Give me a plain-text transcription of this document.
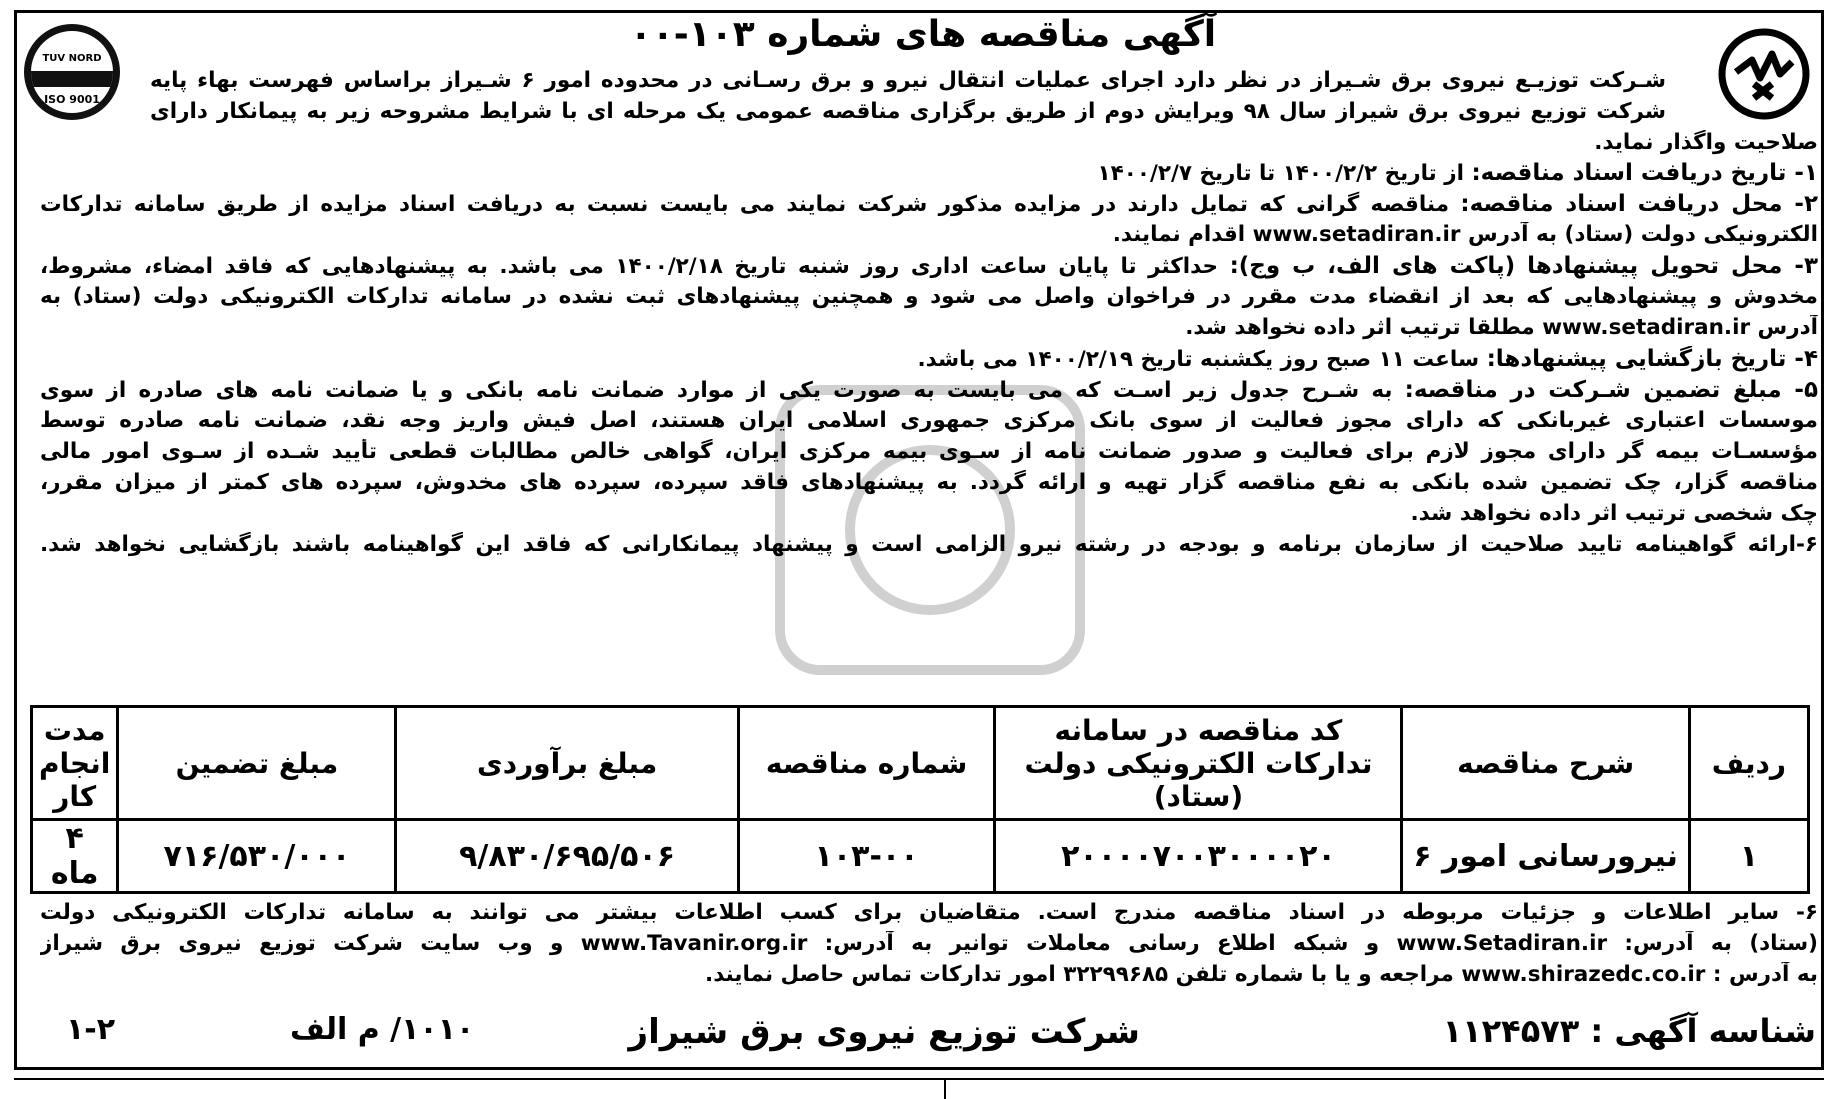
TUV NORD
ISO 9001
آگهی مناقصه های شماره ۱۰۳-۰۰
شـرکت توزیـع نیروی برق شـیراز در نظر دارد اجرای عملیات انتقال نیرو و برق رسـانی در محدوده امور ۶ شـیراز براساس فهرست بهاء پایه
شرکت توزیع نیروی برق شیراز سال ۹۸ ویرایش دوم از طریق برگزاری مناقصه عمومی یک مرحله ای با شرایط مشروحه زیر به پیمانکار دارای
صلاحیت واگذار نماید.
۱- تاریخ دریافت اسناد مناقصه: از تاریخ ۱۴۰۰/۲/۲ تا تاریخ ۱۴۰۰/۲/۷
۲- محل دریافت اسناد مناقصه: مناقصه گرانی که تمایل دارند در مزایده مذکور شرکت نمایند می بایست نسبت به دریافت اسناد مزایده از طریق سامانه تدارکات
الکترونیکی دولت (ستاد) به آدرس www.setadiran.ir اقدام نمایند.
۳- محل تحویل پیشنهادها (پاکت های الف، ب وج): حداکثر تا پایان ساعت اداری روز شنبه تاریخ ۱۴۰۰/۲/۱۸ می باشد. به پیشنهادهایی که فاقد امضاء، مشروط،
مخدوش و پیشنهادهایی که بعد از انقضاء مدت مقرر در فراخوان واصل می شود و همچنین پیشنهادهای ثبت نشده در سامانه تدارکات الکترونیکی دولت (ستاد) به
آدرس www.setadiran.ir مطلقا ترتیب اثر داده نخواهد شد.
۴- تاریخ بازگشایی پیشنهادها: ساعت ۱۱ صبح روز یکشنبه تاریخ ۱۴۰۰/۲/۱۹ می باشد.
۵- مبلغ تضمین شـرکت در مناقصه: به شـرح جدول زیر اسـت که می بایست به صورت یکی از موارد ضمانت نامه بانکی و یا ضمانت نامه های صادره از سوی
موسسات اعتباری غیربانکی که دارای مجوز فعالیت از سوی بانک مرکزی جمهوری اسلامی ایران هستند، اصل فیش واریز وجه نقد، ضمانت نامه صادره توسط
مؤسسـات بیمه گر دارای مجوز لازم برای فعالیت و صدور ضمانت نامه از سـوی بیمه مرکزی ایران، گواهی خالص مطالبات قطعی تأیید شـده از سـوی امور مالی
مناقصه گزار، چک تضمین شده بانکی به نفع مناقصه گزار تهیه و ارائه گردد. به پیشنهادهای فاقد سپرده، سپرده های مخدوش، سپرده های کمتر از میزان مقرر،
چک شخصی ترتیب اثر داده نخواهد شد.
۶-ارائه گواهینامه تایید صلاحیت از سازمان برنامه و بودجه در رشته نیرو الزامی است و پیشنهاد پیمانکارانی که فاقد این گواهینامه باشند بازگشایی نخواهد شد.
ردیف	شرح مناقصه	کد مناقصه در سامانه تدارکات الکترونیکی دولت (ستاد)	شماره مناقصه	مبلغ برآوردی	مبلغ تضمین	مدت انجام کار
۱	نیرورسانی امور ۶	۲۰۰۰۰۷۰۰۳۰۰۰۰۲۰	۱۰۳-۰۰	۹/۸۳۰/۶۹۵/۵۰۶	۷۱۶/۵۳۰/۰۰۰	۴ ماه
۶- سایر اطلاعات و جزئیات مربوطه در اسناد مناقصه مندرج است. متقاضیان برای کسب اطلاعات بیشتر می توانند به سامانه تدارکات الکترونیکی دولت
(ستاد) به آدرس: www.Setadiran.ir و شبکه اطلاع رسانی معاملات توانیر به آدرس: www.Tavanir.org.ir و وب سایت شرکت توزیع نیروی برق شیراز
به آدرس : www.shirazedc.co.ir مراجعه و یا با شماره تلفن ۳۲۲۹۹۶۸۵ امور تدارکات تماس حاصل نمایند.
شناسه آگهی : ۱۱۲۴۵۷۳
شرکت توزیع نیروی برق شیراز
۱۰۱۰/ م الف
۱-۲
